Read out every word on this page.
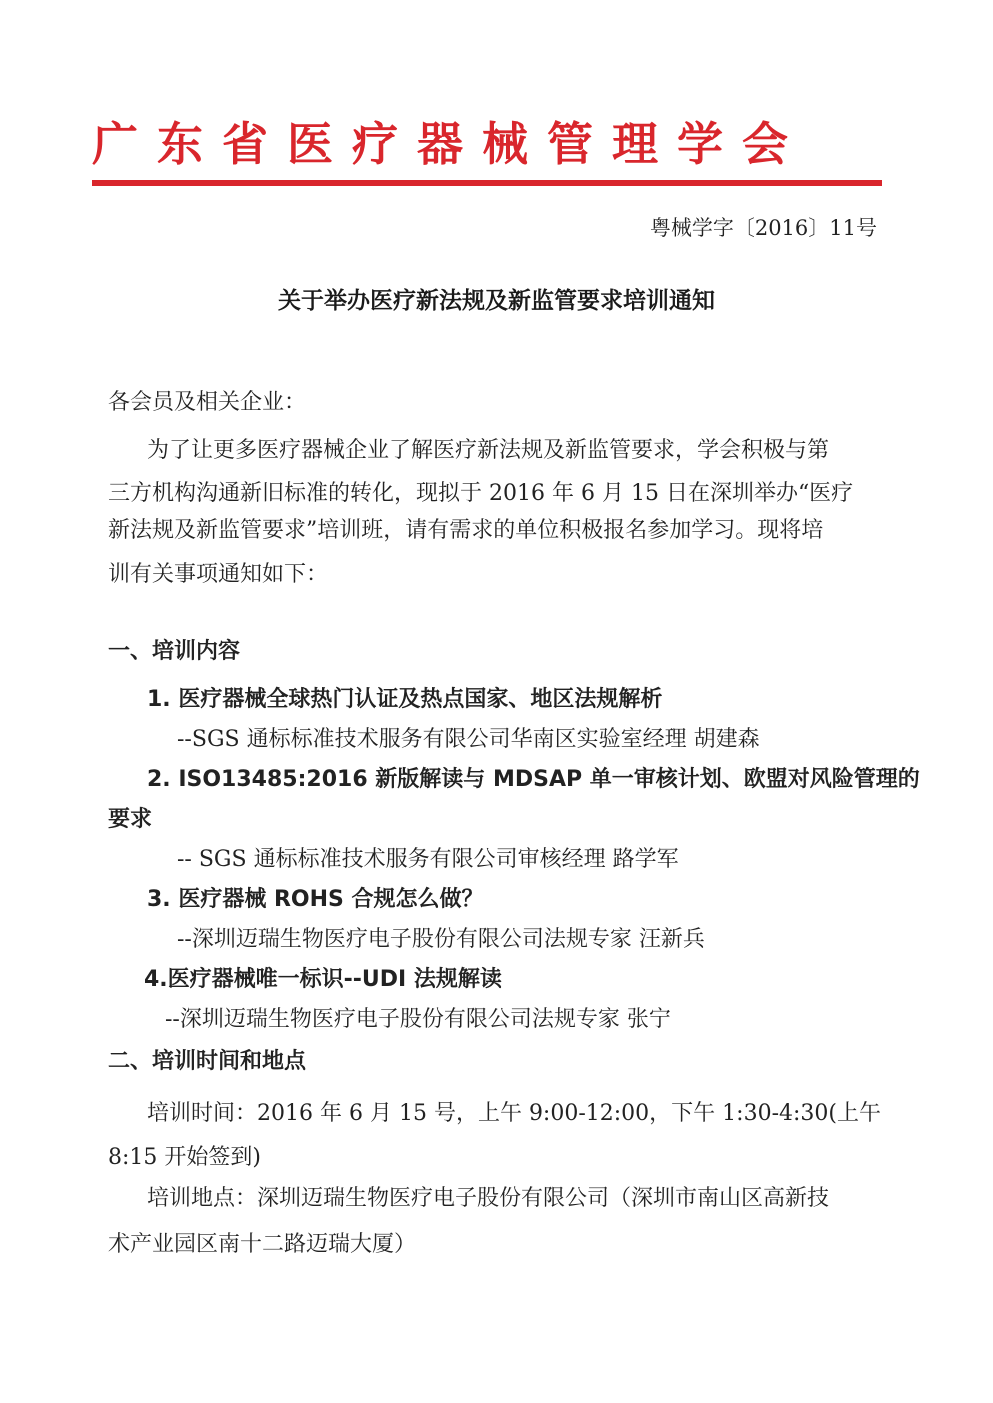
广东省医疗器械管理学会
粤械学字〔2016〕11号
关于举办医疗新法规及新监管要求培训通知
各会员及相关企业：
为了让更多医疗器械企业了解医疗新法规及新监管要求，学会积极与第
三方机构沟通新旧标准的转化，现拟于 2016 年 6 月 15 日在深圳举办“医疗
新法规及新监管要求”培训班，请有需求的单位积极报名参加学习。现将培
训有关事项通知如下：
一、培训内容
1. 医疗器械全球热门认证及热点国家、地区法规解析
--SGS 通标标准技术服务有限公司华南区实验室经理 胡建森
2. ISO13485:2016 新版解读与 MDSAP 单一审核计划、欧盟对风险管理的
要求
-- SGS 通标标准技术服务有限公司审核经理 路学军
3. 医疗器械 ROHS 合规怎么做？
--深圳迈瑞生物医疗电子股份有限公司法规专家 汪新兵
4.医疗器械唯一标识--UDI 法规解读
--深圳迈瑞生物医疗电子股份有限公司法规专家 张宁
二、培训时间和地点
培训时间：2016 年 6 月 15 号，上午 9:00-12:00，下午 1:30-4:30(上午
8:15 开始签到)
培训地点：深圳迈瑞生物医疗电子股份有限公司（深圳市南山区高新技
术产业园区南十二路迈瑞大厦）
